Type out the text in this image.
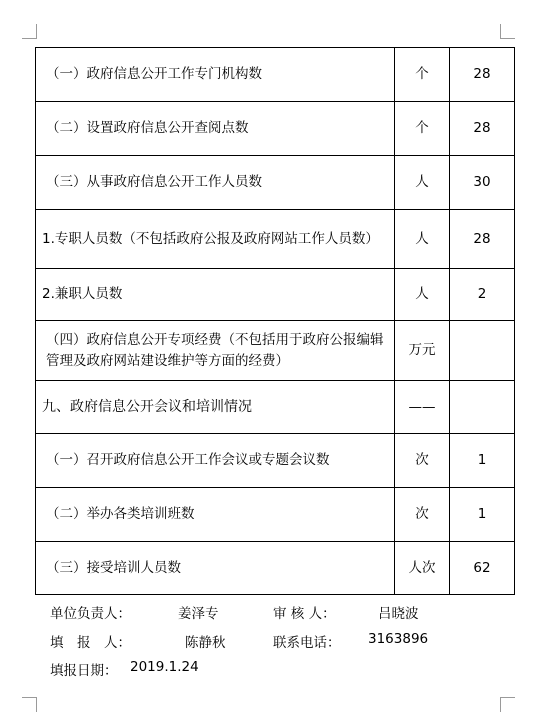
（一）政府信息公开工作专门机构数	个	28
（二）设置政府信息公开查阅点数	个	28
（三）从事政府信息公开工作人员数	人	30
1.专职人员数（不包括政府公报及政府网站工作人员数）	人	28
2.兼职人员数	人	2
（四）政府信息公开专项经费（不包括用于政府公报编辑管理及政府网站建设维护等方面的经费）	万元	
九、政府信息公开会议和培训情况	——	
（一）召开政府信息公开工作会议或专题会议数	次	1
（二）举办各类培训班数	次	1
（三）接受培训人员数	人次	62
单位负责人：	姜泽专	审 核 人：	吕晓波
填　报　人：	陈静秋	联系电话： 3163896
填报日期： 2019.1.24
